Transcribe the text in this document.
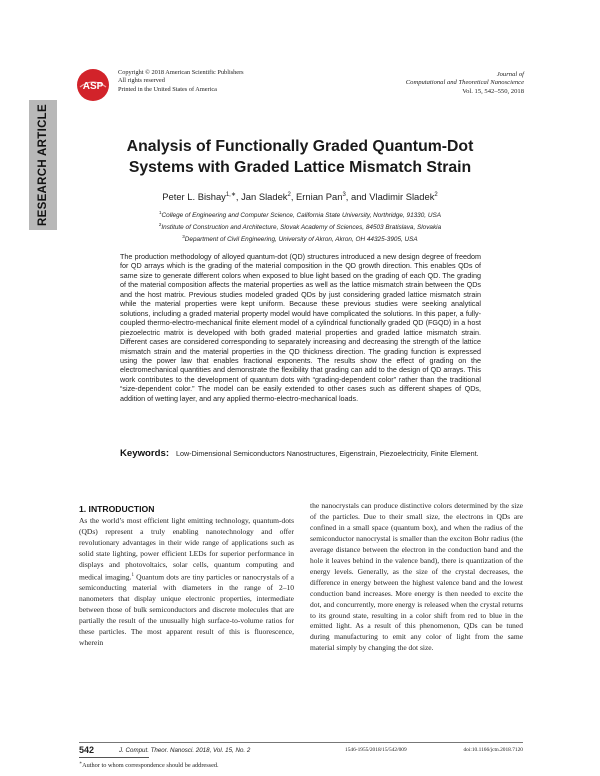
RESEARCH ARTICLE
ASP
Copyright © 2018 American Scientific Publishers
All rights reserved
Printed in the United States of America
Journal of
Computational and Theoretical Nanoscience
Vol. 15, 542–550, 2018
Analysis of Functionally Graded Quantum-Dot
Systems with Graded Lattice Mismatch Strain
Peter L. Bishay$^{1,∗}$, Jan Sladek$^2$, Ernian Pan$^3$, and Vladimir Sladek$^2$
$^1$College of Engineering and Computer Science, California State University, Northridge, 91330, USA
$^2$Institute of Construction and Architecture, Slovak Academy of Sciences, 84503 Bratislava, Slovakia
$^3$Department of Civil Engineering, University of Akron, Akron, OH 44325-3905, USA
The production methodology of alloyed quantum-dot (QD) structures introduced a new design degree of freedom for QD arrays which is the grading of the material composition in the QD growth direction. This enables QDs of same size to generate different colors when exposed to blue light based on the grading of each QD. The grading of the material composition affects the material properties as well as the lattice mismatch strain between the QDs and the host matrix. Previous studies modeled graded QDs by just considering graded lattice mismatch strain while the material properties were kept uniform. Because these previous studies were seeking analytical solutions, including a graded material property model would have complicated the solutions. In this paper, a fully-coupled thermo-electro-mechanical finite element model of a cylindrical functionally graded QD (FGQD) in a host piezoelectric matrix is developed with both graded material properties and graded lattice mismatch strain. Different cases are considered corresponding to separately increasing and decreasing the strength of the lattice mismatch strain and the material properties in the QD thickness direction. The grading function is expressed using the power law that enables fractional exponents. The results show the effect of grading on the electromechanical quantities and demonstrate the flexibility that grading can add to the design of QD arrays. This work contributes to the development of quantum dots with “grading-dependent color” rather than the traditional “size-dependent color.” The model can be easily extended to other cases such as different shapes of QDs, addition of wetting layer, and any applied thermo-electro-mechanical loads.
Keywords: Low-Dimensional Semiconductors Nanostructures, Eigenstrain, Piezoelectricity, Finite Element.
1. INTRODUCTION
As the world’s most efficient light emitting technology, quantum-dots (QDs) represent a truly enabling nanotechnology and offer revolutionary advantages in their wide range of applications such as solid state lighting, power efficient LEDs for superior performance in displays and photovoltaics, solar cells, quantum computing and medical imaging.$^1$ Quantum dots are tiny particles or nanocrystals of a semiconducting material with diameters in the range of 2–10 nanometers that display unique electronic properties, intermediate between those of bulk semiconductors and discrete molecules that are partially the result of the unusually high surface-to-volume ratios for these particles. The most apparent result of this is fluorescence, wherein
the nanocrystals can produce distinctive colors determined by the size of the particles. Due to their small size, the electrons in QDs are confined in a small space (quantum box), and when the radius of the semiconductor nanocrystal is smaller than the exciton Bohr radius (the average distance between the electron in the conduction band and the hole it leaves behind in the valence band), there is quantization of the energy levels. Generally, as the size of the crystal decreases, the difference in energy between the highest valence band and the lowest conduction band increases. More energy is then needed to excite the dot, and concurrently, more energy is released when the crystal returns to its ground state, resulting in a color shift from red to blue in the emitted light. As a result of this phenomenon, QDs can be tuned during manufacturing to emit any color of light from the same material simply by changing the dot size.
∗Author to whom correspondence should be addressed.
542	J. Comput. Theor. Nanosci. 2018, Vol. 15, No. 2	1546-1955/2018/15/542/009	doi:10.1166/jctn.2018.7120
